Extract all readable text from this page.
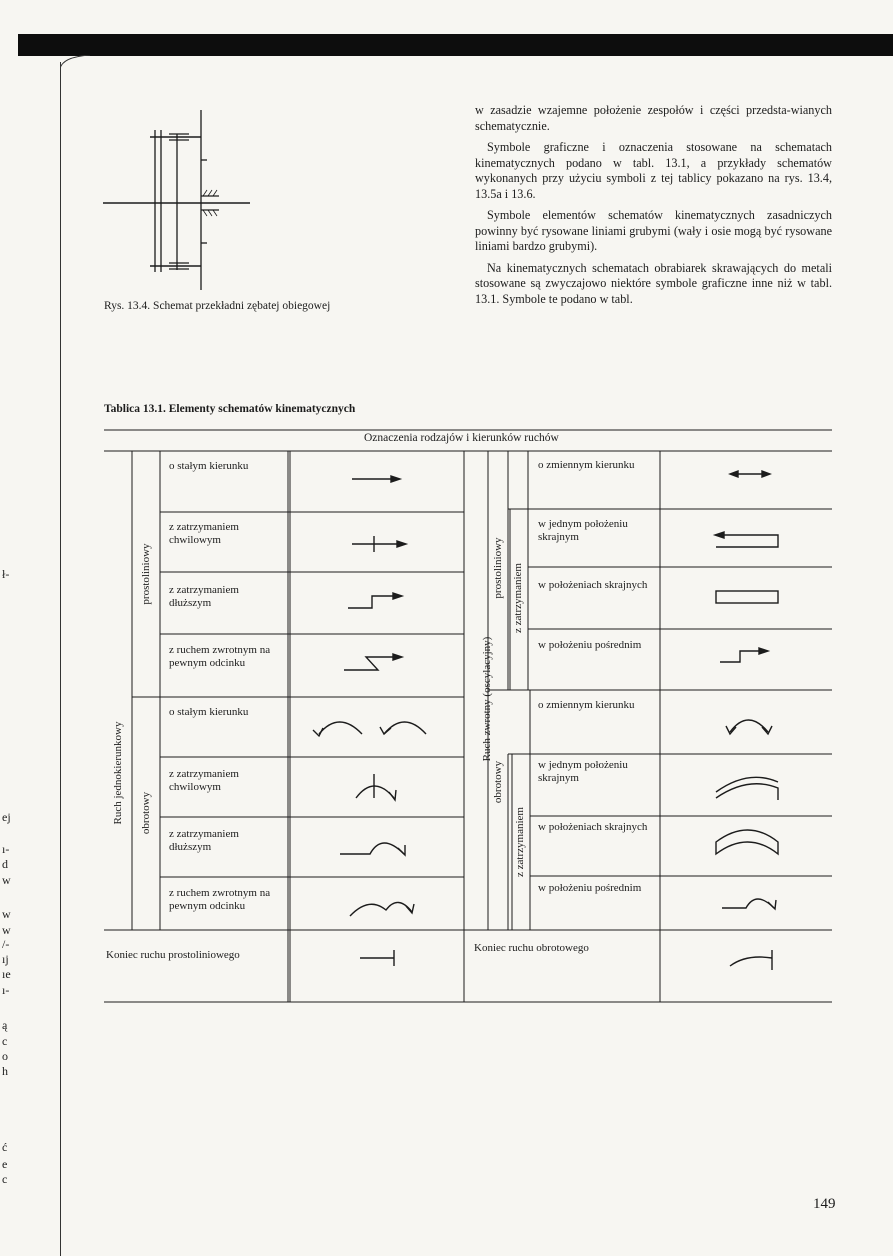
ł-
ej
ı-
d
w
w
w
/-
ıj
ıe
ı-
ą
c
o
h
ć
e
c
Rys. 13.4. Schemat przekładni zębatej obiegowej

w zasadzie wzajemne położenie zespołów i części przedsta-wianych schematycznie.

Symbole graficzne i oznaczenia stosowane na schematach kinematycznych podano w tabl. 13.1, a przykłady schematów wykonanych przy użyciu symboli z tej tablicy pokazano na rys. 13.4, 13.5a i 13.6.

Symbole elementów schematów kinematycznych zasadniczych powinny być rysowane liniami grubymi (wały i osie mogą być rysowane liniami bardzo grubymi).

Na kinematycznych schematach obrabiarek skrawających do metali stosowane są zwyczajowo niektóre symbole graficzne inne niż w tabl. 13.1. Symbole te podano w tabl.

Tablica 13.1. Elementy schematów kinematycznych
Oznaczenia rodzajów i kierunków ruchów
Ruch jednokierunkowy
prostoliniowy
obrotowy
o stałym kierunku
z zatrzymaniem chwilowym
z zatrzymaniem dłuższym
z ruchem zwrotnym na pewnym odcinku
o stałym kierunku
z zatrzymaniem chwilowym
z zatrzymaniem dłuższym
z ruchem zwrotnym na pewnym odcinku
Ruch zwrotny (oscylacyjny)
prostoliniowy z zatrzymaniem
obrotowy
z zatrzymaniem
o zmiennym kierunku
w jednym położeniu skrajnym
w położeniach skrajnych
w położeniu pośrednim
o zmiennym kierunku
w jednym położeniu skrajnym
w położeniach skrajnych
w położeniu pośrednim
Koniec ruchu prostoliniowego
Koniec ruchu obrotowego
149
